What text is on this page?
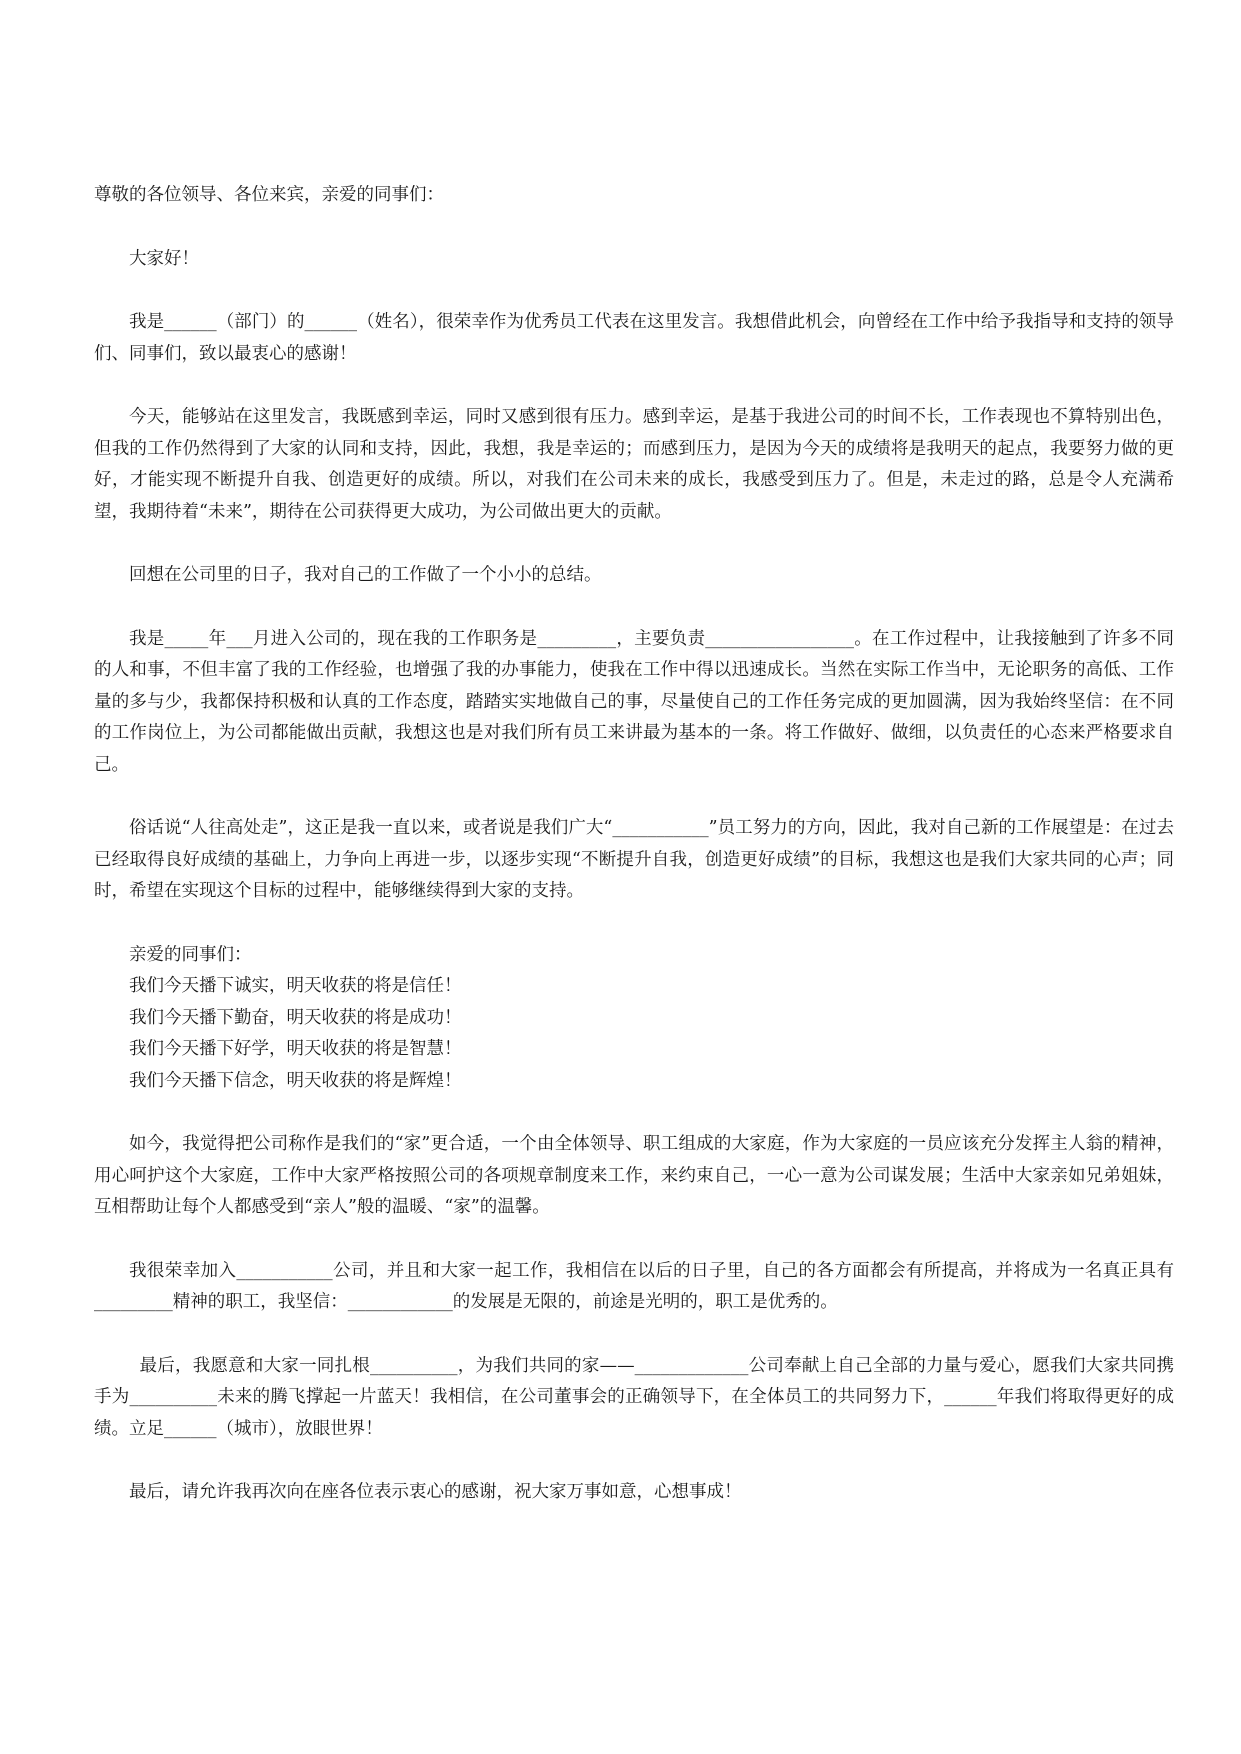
尊敬的各位领导、各位来宾，亲爱的同事们：

大家好！

我是______（部门）的______（姓名），很荣幸作为优秀员工代表在这里发言。我想借此机会，向曾经在工作中给予我指导和支持的领导们、同事们，致以最衷心的感谢！

今天，能够站在这里发言，我既感到幸运，同时又感到很有压力。感到幸运，是基于我进公司的时间不长，工作表现也不算特别出色，但我的工作仍然得到了大家的认同和支持，因此，我想，我是幸运的；而感到压力，是因为今天的成绩将是我明天的起点，我要努力做的更好，才能实现不断提升自我、创造更好的成绩。所以，对我们在公司未来的成长，我感受到压力了。但是，未走过的路，总是令人充满希望，我期待着“未来”，期待在公司获得更大成功，为公司做出更大的贡献。

回想在公司里的日子，我对自己的工作做了一个小小的总结。

我是_____年___月进入公司的，现在我的工作职务是_________，主要负责_________________。在工作过程中，让我接触到了许多不同的人和事，不但丰富了我的工作经验，也增强了我的办事能力，使我在工作中得以迅速成长。当然在实际工作当中，无论职务的高低、工作量的多与少，我都保持积极和认真的工作态度，踏踏实实地做自己的事，尽量使自己的工作任务完成的更加圆满，因为我始终坚信：在不同的工作岗位上，为公司都能做出贡献，我想这也是对我们所有员工来讲最为基本的一条。将工作做好、做细，以负责任的心态来严格要求自己。

俗话说“人往高处走”，这正是我一直以来，或者说是我们广大“___________”员工努力的方向，因此，我对自己新的工作展望是：在过去已经取得良好成绩的基础上，力争向上再进一步，以逐步实现“不断提升自我，创造更好成绩”的目标，我想这也是我们大家共同的心声；同时，希望在实现这个目标的过程中，能够继续得到大家的支持。

亲爱的同事们：

我们今天播下诚实，明天收获的将是信任！

我们今天播下勤奋，明天收获的将是成功！

我们今天播下好学，明天收获的将是智慧！

我们今天播下信念，明天收获的将是辉煌！

如今，我觉得把公司称作是我们的“家”更合适，一个由全体领导、职工组成的大家庭，作为大家庭的一员应该充分发挥主人翁的精神，用心呵护这个大家庭，工作中大家严格按照公司的各项规章制度来工作，来约束自己，一心一意为公司谋发展；生活中大家亲如兄弟姐妹，互相帮助让每个人都感受到“亲人”般的温暖、“家”的温馨。

我很荣幸加入___________公司，并且和大家一起工作，我相信在以后的日子里，自己的各方面都会有所提高，并将成为一名真正具有_________精神的职工，我坚信：____________的发展是无限的，前途是光明的，职工是优秀的。

最后，我愿意和大家一同扎根__________，为我们共同的家——_____________公司奉献上自己全部的力量与爱心，愿我们大家共同携手为__________未来的腾飞撑起一片蓝天！我相信，在公司董事会的正确领导下，在全体员工的共同努力下，______年我们将取得更好的成绩。立足______（城市），放眼世界！

最后，请允许我再次向在座各位表示衷心的感谢，祝大家万事如意，心想事成！
